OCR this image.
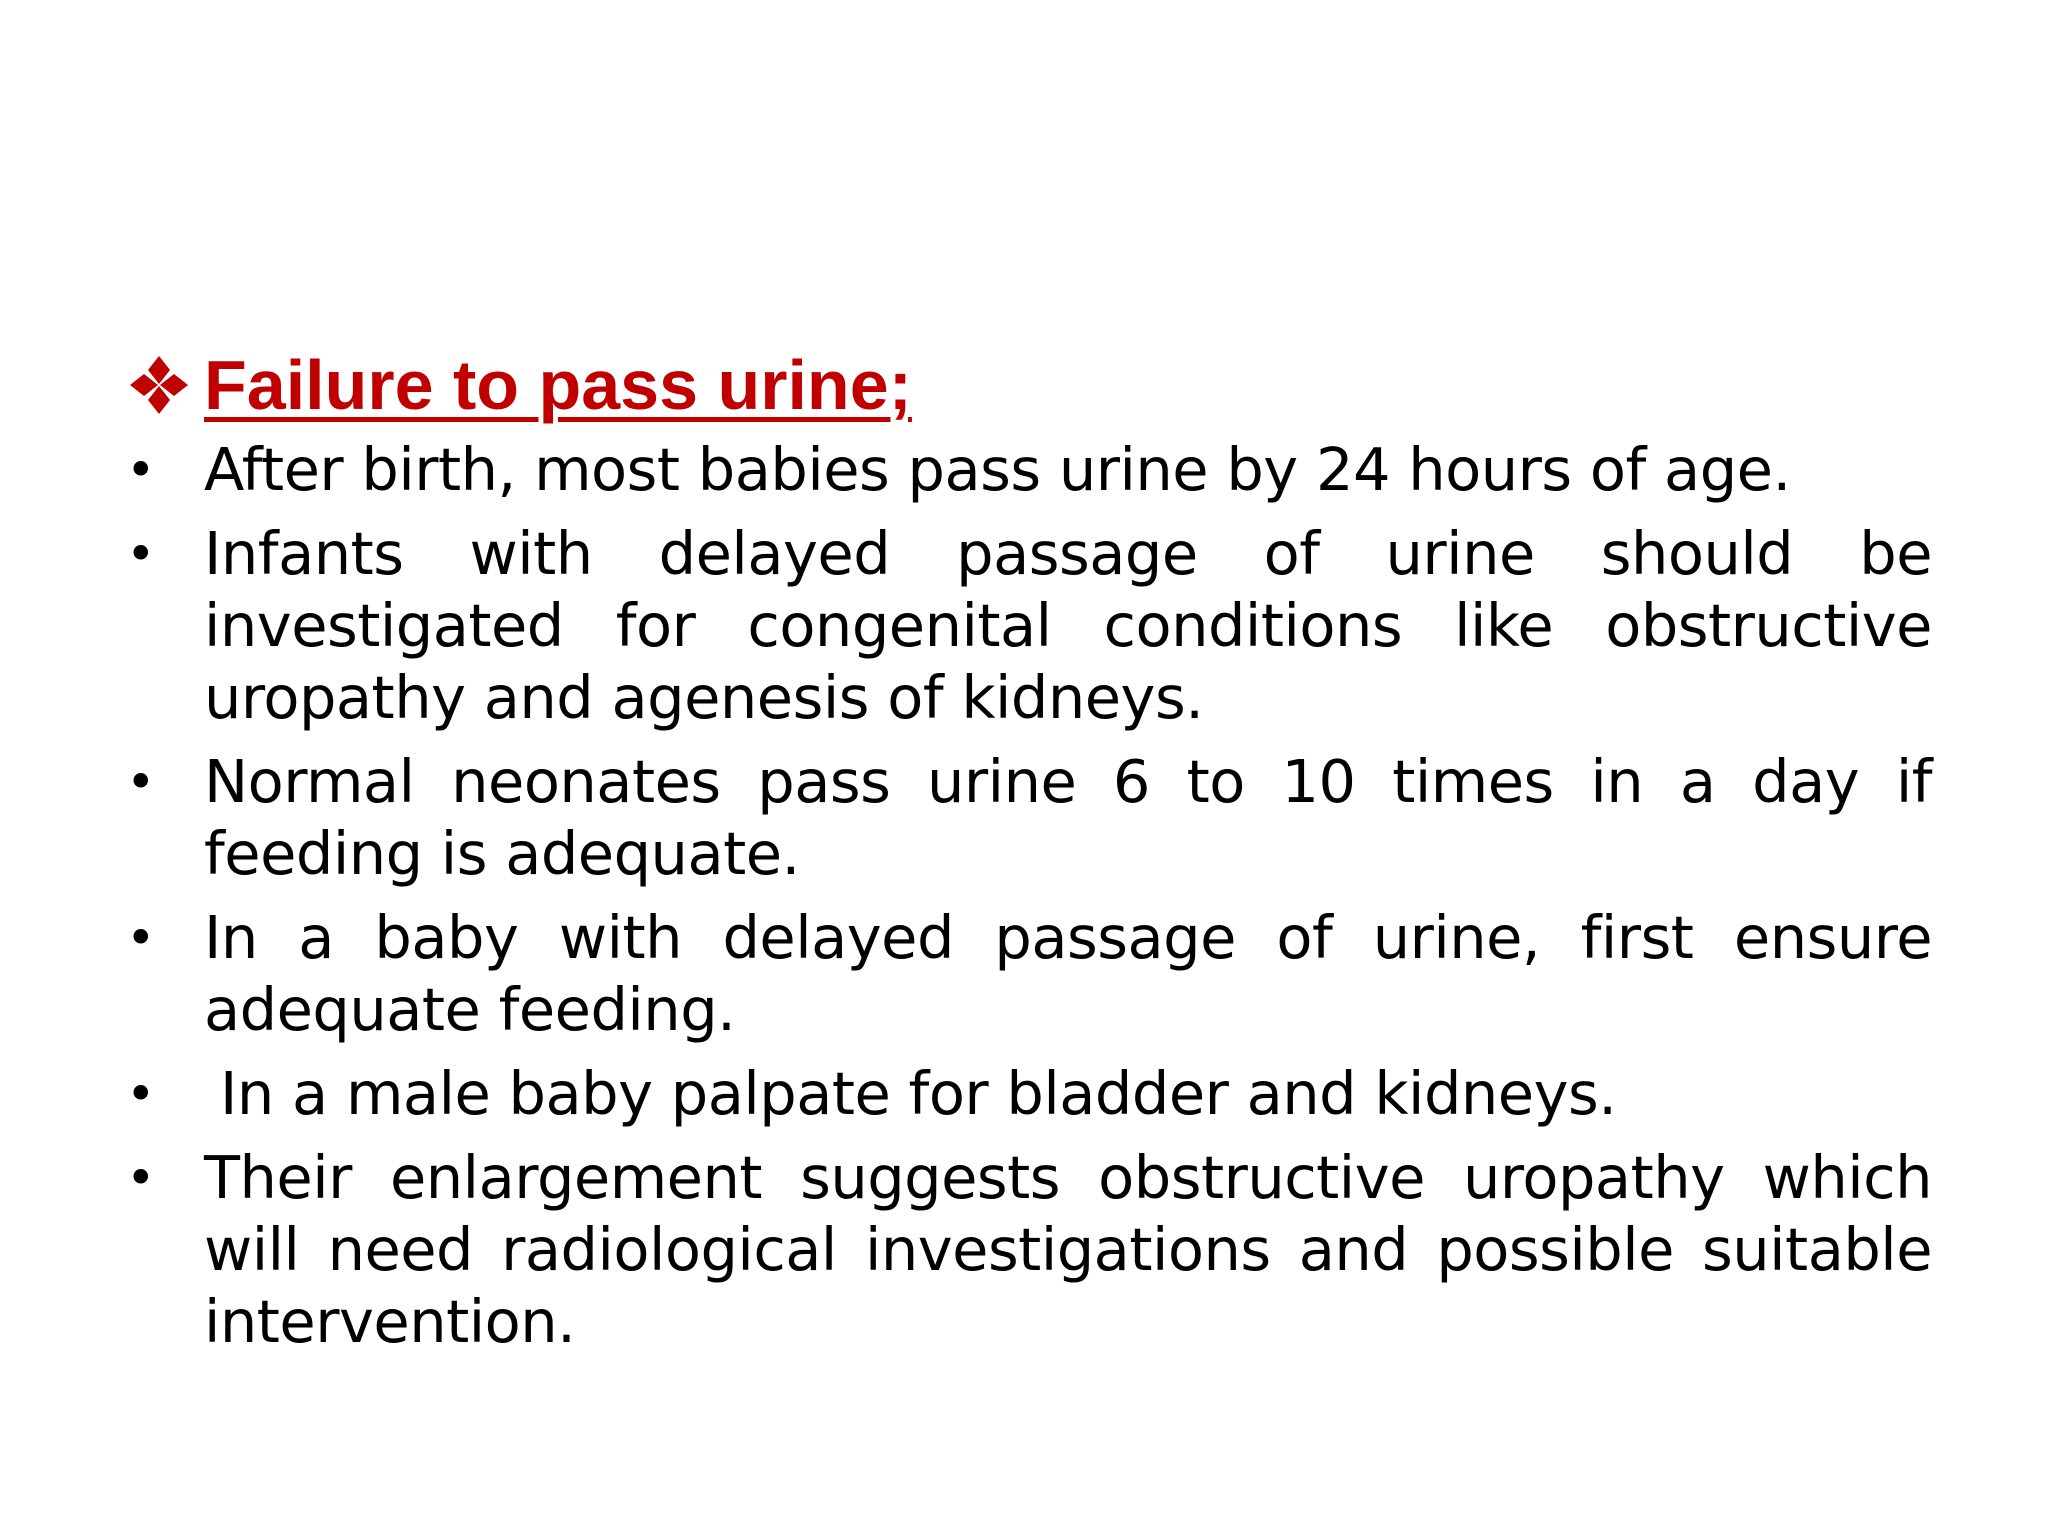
Failure to pass urine;
• After birth, most babies pass urine by 24 hours of age.
• Infants with delayed passage of urine should be investigated for congenital conditions like obstructive uropathy and agenesis of kidneys.
• Normal neonates pass urine 6 to 10 times in a day if feeding is adequate.
• In a baby with delayed passage of urine, first ensure adequate feeding.
•	In a male baby palpate for bladder and kidneys.
• Their enlargement suggests obstructive uropathy which will need radiological investigations and possible suitable intervention.
